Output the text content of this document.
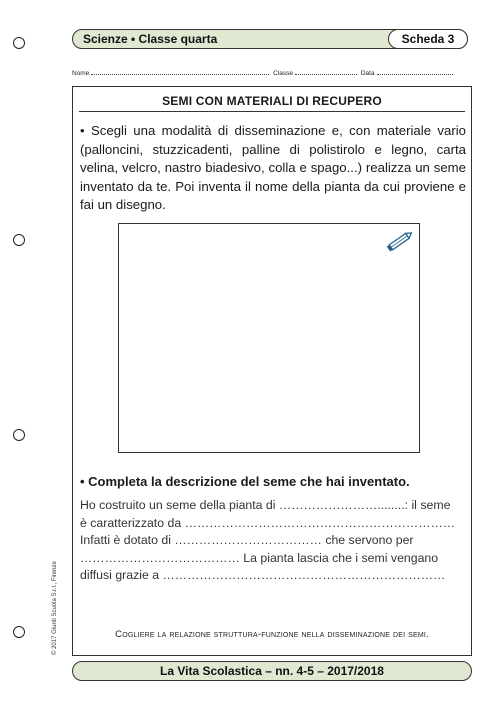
Scienze • Classe quarta	Scheda 3
Nome	Classe	Data
SEMI CON MATERIALI DI RECUPERO
• Scegli una modalità di disseminazione e, con materiale vario (palloncini, stuzzicadenti, palline di polistirolo e legno, carta velina, velcro, nastro biadesivo, colla e spago...) realizza un seme inventato da te. Poi inventa il nome della pianta da cui proviene e fai un disegno.
• Completa la descrizione del seme che hai inventato.
Ho costruito un seme della pianta di ……………………........: il seme
è caratterizzato da …………………………………………………………
Infatti è dotato di ……………………………… che servono per
………………………………… La pianta lascia che i semi vengano
diffusi grazie a ……………………………………………………………
Cogliere la relazione struttura-funzione nella disseminazione dei semi.
© 2017 Giunti Scuola S.r.l., Firenze
La Vita Scolastica – nn. 4-5 – 2017/2018
